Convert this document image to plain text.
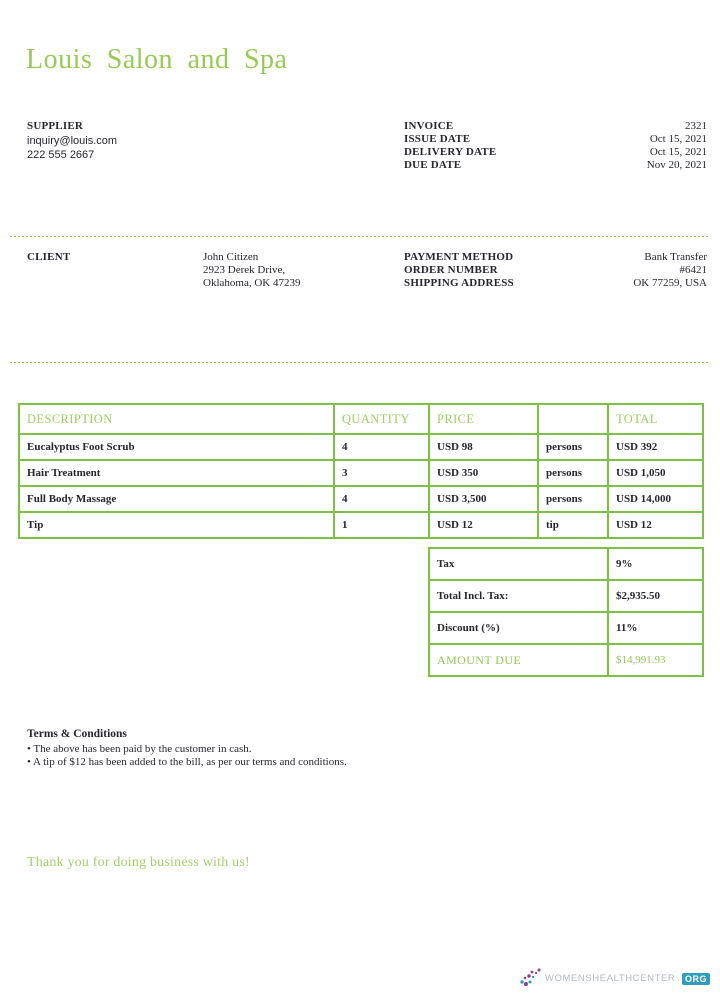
Louis Salon and Spa
SUPPLIER
inquiry@louis.com
222 555 2667
INVOICE	2321
ISSUE DATE	Oct 15, 2021
DELIVERY DATE	Oct 15, 2021
DUE DATE	Nov 20, 2021
CLIENT	John Citizen
2923 Derek Drive,
Oklahoma, OK 47239
PAYMENT METHOD	Bank Transfer
ORDER NUMBER	#6421
SHIPPING ADDRESS	OK 77259, USA
DESCRIPTION	QUANTITY	PRICE		TOTAL
Eucalyptus Foot Scrub	4	USD 98	persons	USD 392
Hair Treatment	3	USD 350	persons	USD 1,050
Full Body Massage	4	USD 3,500	persons	USD 14,000
Tip	1	USD 12	tip	USD 12
Tax	9%
Total Incl. Tax:	$2,935.50
Discount (%)	11%
AMOUNT DUE	$14,991.93
Terms & Conditions
• The above has been paid by the customer in cash.
• A tip of $12 has been added to the bill, as per our terms and conditions.
Thank you for doing business with us!
WOMENSHEALTHCENTER . ORG
